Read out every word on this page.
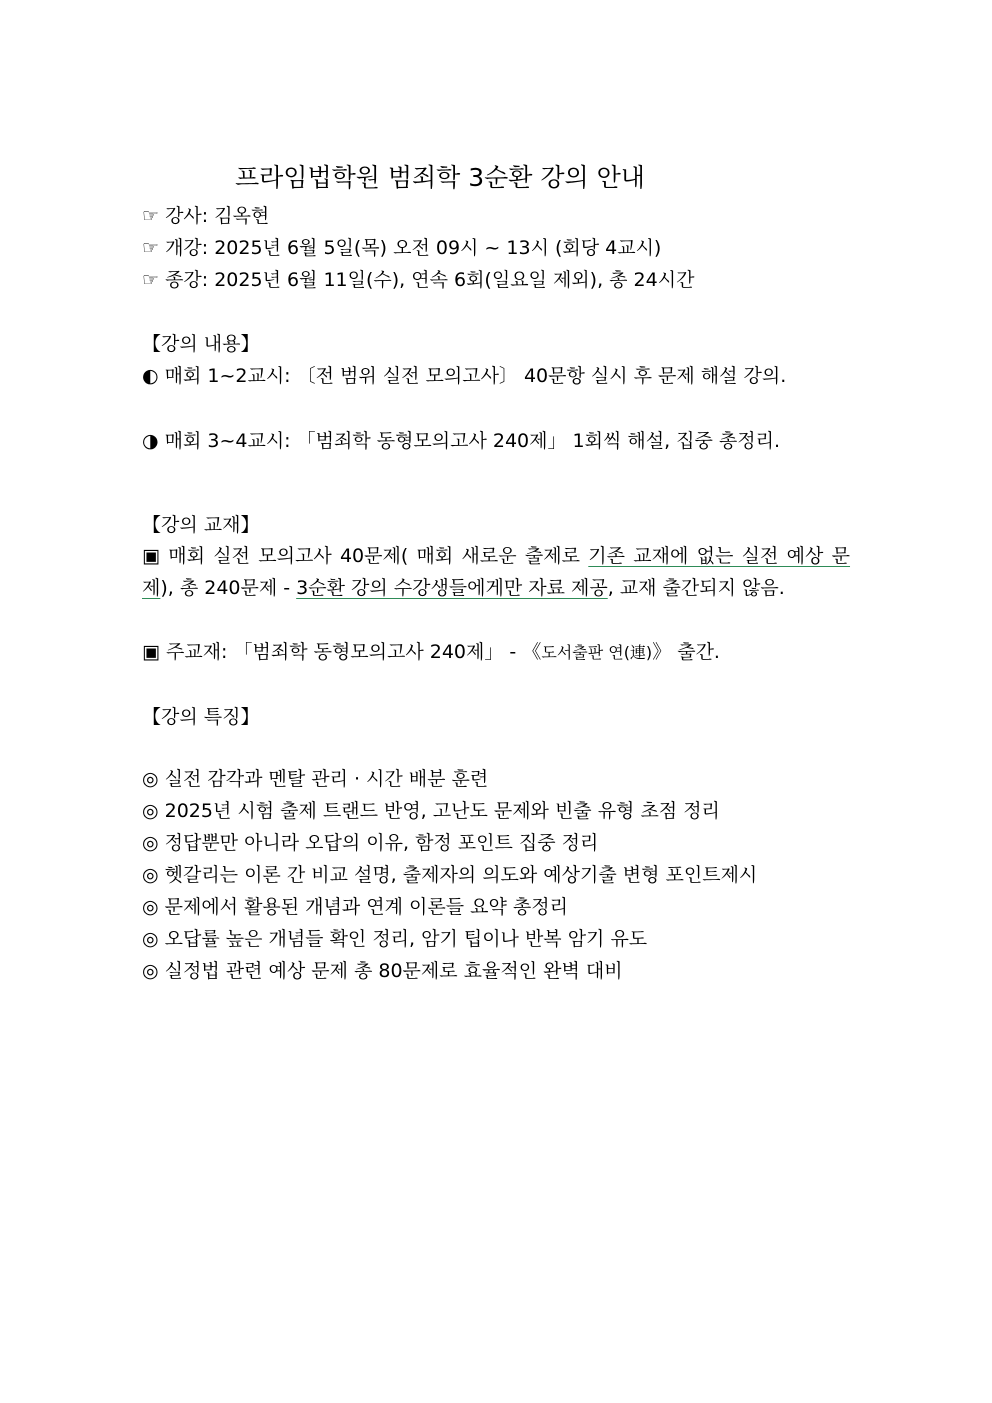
프라임법학원 범죄학 3순환 강의 안내
☞ 강사: 김옥현
☞ 개강: 2025년 6월 5일(목) 오전 09시 ~ 13시 (회당 4교시)
☞ 종강: 2025년 6월 11일(수), 연속 6회(일요일 제외), 총 24시간
【강의 내용】
◐ 매회 1~2교시: 〔전 범위 실전 모의고사〕 40문항 실시 후 문제 해설 강의.
◑ 매회 3~4교시: 「범죄학 동형모의고사 240제」 1회씩 해설, 집중 총정리.
【강의 교재】
▣ 매회 실전 모의고사 40문제( 매회 새로운 출제로 기존 교재에 없는 실전 예상 문제), 총 240문제 - 3순환 강의 수강생들에게만 자료 제공, 교재 출간되지 않음.
▣ 주교재: 「범죄학 동형모의고사 240제」 - 《도서출판 연(連)》 출간.
【강의 특징】
◎ 실전 감각과 멘탈 관리 · 시간 배분 훈련
◎ 2025년 시험 출제 트랜드 반영, 고난도 문제와 빈출 유형 초점 정리
◎ 정답뿐만 아니라 오답의 이유, 함정 포인트 집중 정리
◎ 헷갈리는 이론 간 비교 설명, 출제자의 의도와 예상기출 변형 포인트제시
◎ 문제에서 활용된 개념과 연계 이론들 요약 총정리
◎ 오답률 높은 개념들 확인 정리, 암기 팁이나 반복 암기 유도
◎ 실정법 관련 예상 문제 총 80문제로 효율적인 완벽 대비
